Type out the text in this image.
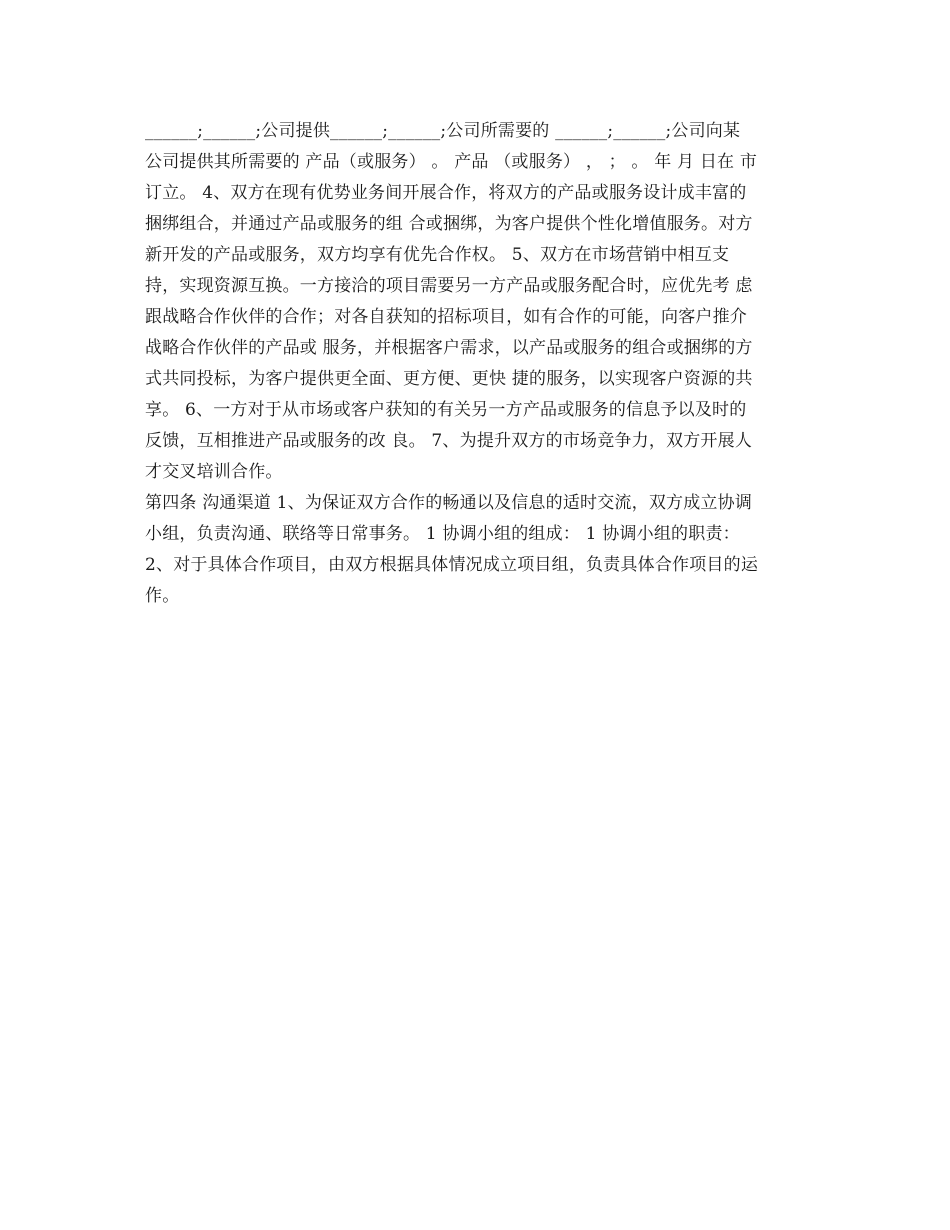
______;______;公司提供______;______;公司所需要的 ______;______;公司向某
公司提供其所需要的 产品（或服务） 。 产品 （或服务） ， ； 。 年 月 日在 市
订立。 4、双方在现有优势业务间开展合作，将双方的产品或服务设计成丰富的
捆绑组合，并通过产品或服务的组 合或捆绑，为客户提供个性化增值服务。对方
新开发的产品或服务，双方均享有优先合作权。 5、双方在市场营销中相互支
持，实现资源互换。一方接洽的项目需要另一方产品或服务配合时，应优先考 虑
跟战略合作伙伴的合作；对各自获知的招标项目，如有合作的可能，向客户推介
战略合作伙伴的产品或 服务，并根据客户需求，以产品或服务的组合或捆绑的方
式共同投标，为客户提供更全面、更方便、更快 捷的服务，以实现客户资源的共
享。 6、一方对于从市场或客户获知的有关另一方产品或服务的信息予以及时的
反馈，互相推进产品或服务的改 良。 7、为提升双方的市场竞争力，双方开展人
才交叉培训合作。
第四条 沟通渠道 1、为保证双方合作的畅通以及信息的适时交流，双方成立协调
小组，负责沟通、联络等日常事务。 1 协调小组的组成： 1 协调小组的职责：
2、对于具体合作项目，由双方根据具体情况成立项目组，负责具体合作项目的运
作。
